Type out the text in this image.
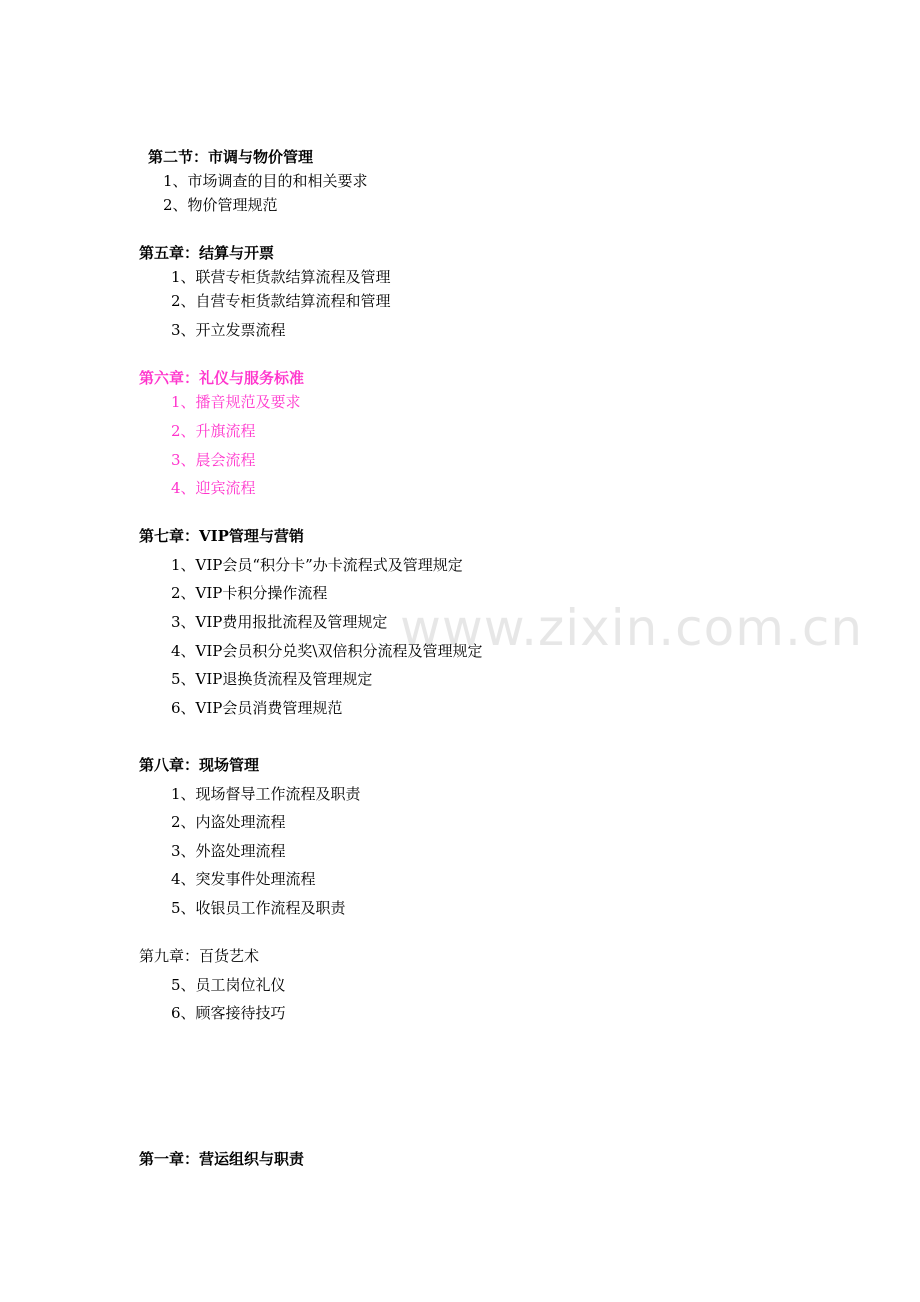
www.zixin.com.cn
第二节：市调与物价管理
1、市场调查的目的和相关要求
2、物价管理规范
第五章：结算与开票
1、联营专柜货款结算流程及管理
2、自营专柜货款结算流程和管理
3、开立发票流程
第六章：礼仪与服务标准
1、播音规范及要求
2、升旗流程
3、晨会流程
4、迎宾流程
第七章：VIP管理与营销
1、VIP会员“积分卡”办卡流程式及管理规定
2、VIP卡积分操作流程
3、VIP费用报批流程及管理规定
4、VIP会员积分兑奖\双倍积分流程及管理规定
5、VIP退换货流程及管理规定
6、VIP会员消费管理规范
第八章：现场管理
1、现场督导工作流程及职责
2、内盗处理流程
3、外盗处理流程
4、突发事件处理流程
5、收银员工作流程及职责
第九章：百货艺术
5、员工岗位礼仪
6、顾客接待技巧
第一章：营运组织与职责
